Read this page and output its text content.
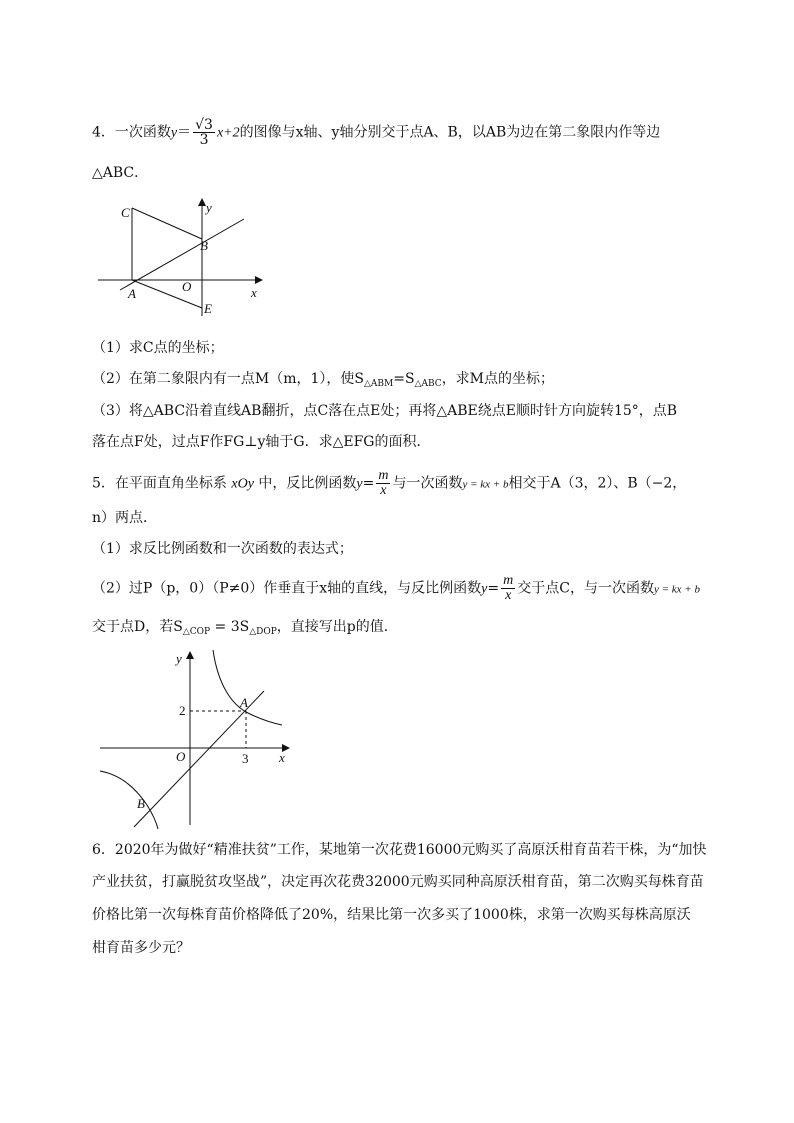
4．一次函数$y= \frac{√3}{3} x+2$的图像与x轴、y轴分别交于点A、B，以AB为边在第二象限内作等边
△ABC．
C	y
B
A	O
E
x
（1）求C点的坐标；
（2）在第二象限内有一点M（m，1），使$S_{\triangle ABM}=S_{\triangle ABC}$，求M点的坐标；
（3）将△ABC沿着直线AB翻折，点C落在点E处；再将△ABE绕点E顺时针方向旋转15°，点B
落在点F处，过点F作FG⊥y轴于G．求△EFG的面积．
5．在平面直角坐标系 xOy 中，反比例函数$y= \frac{m}{x}$ 与一次函数y = kx + b相交于A（3，2）、B（−2，
n）两点．
（1）求反比例函数和一次函数的表达式；
（2）过P（p，0）（P≠0）作垂直于x轴的直线，与反比例函数$y= \frac{m}{x}$ 交于点C，与一次函数y = kx + b
交于点D，若$S_{\triangle COP} = 3S_{\triangle DOP}$，直接写出p的值．
y
2
A
O	3 x
B
6．2020年为做好“精准扶贫”工作，某地第一次花费16000元购买了高原沃柑育苗若干株，为“加快
产业扶贫，打赢脱贫攻坚战”，决定再次花费32000元购买同种高原沃柑育苗，第二次购买每株育苗
价格比第一次每株育苗价格降低了20%，结果比第一次多买了1000株，求第一次购买每株高原沃
柑育苗多少元？
